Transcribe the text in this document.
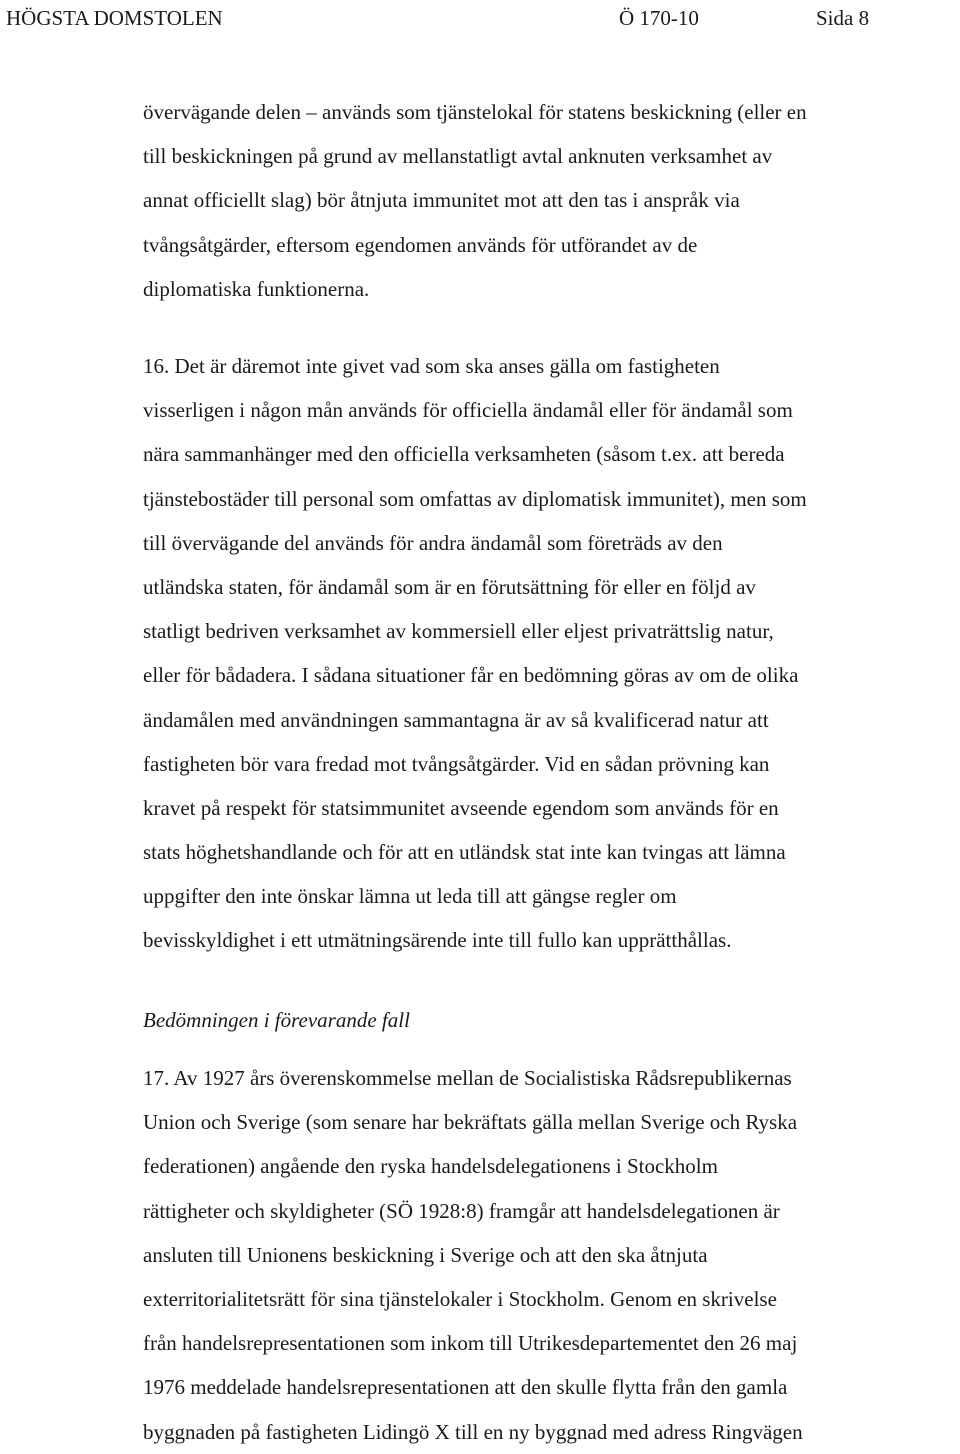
HÖGSTA DOMSTOLEN	Ö 170-10	Sida 8
övervägande delen – används som tjänstelokal för statens beskickning (eller en
till beskickningen på grund av mellanstatligt avtal anknuten verksamhet av
annat officiellt slag) bör åtnjuta immunitet mot att den tas i anspråk via
tvångsåtgärder, eftersom egendomen används för utförandet av de
diplomatiska funktionerna.
16. Det är däremot inte givet vad som ska anses gälla om fastigheten
visserligen i någon mån används för officiella ändamål eller för ändamål som
nära sammanhänger med den officiella verksamheten (såsom t.ex. att bereda
tjänstebostäder till personal som omfattas av diplomatisk immunitet), men som
till övervägande del används för andra ändamål som företräds av den
utländska staten, för ändamål som är en förutsättning för eller en följd av
statligt bedriven verksamhet av kommersiell eller eljest privaträttslig natur,
eller för bådadera. I sådana situationer får en bedömning göras av om de olika
ändamålen med användningen sammantagna är av så kvalificerad natur att
fastigheten bör vara fredad mot tvångsåtgärder. Vid en sådan prövning kan
kravet på respekt för statsimmunitet avseende egendom som används för en
stats höghetshandlande och för att en utländsk stat inte kan tvingas att lämna
uppgifter den inte önskar lämna ut leda till att gängse regler om
bevisskyldighet i ett utmätningsärende inte till fullo kan upprätthållas.
Bedömningen i förevarande fall
17. Av 1927 års överenskommelse mellan de Socialistiska Rådsrepublikernas
Union och Sverige (som senare har bekräftats gälla mellan Sverige och Ryska
federationen) angående den ryska handelsdelegationens i Stockholm
rättigheter och skyldigheter (SÖ 1928:8) framgår att handelsdelegationen är
ansluten till Unionens beskickning i Sverige och att den ska åtnjuta
exterritorialitetsrätt för sina tjänstelokaler i Stockholm. Genom en skrivelse
från handelsrepresentationen som inkom till Utrikesdepartementet den 26 maj
1976 meddelade handelsrepresentationen att den skulle flytta från den gamla
byggnaden på fastigheten Lidingö X till en ny byggnad med adress Ringvägen
